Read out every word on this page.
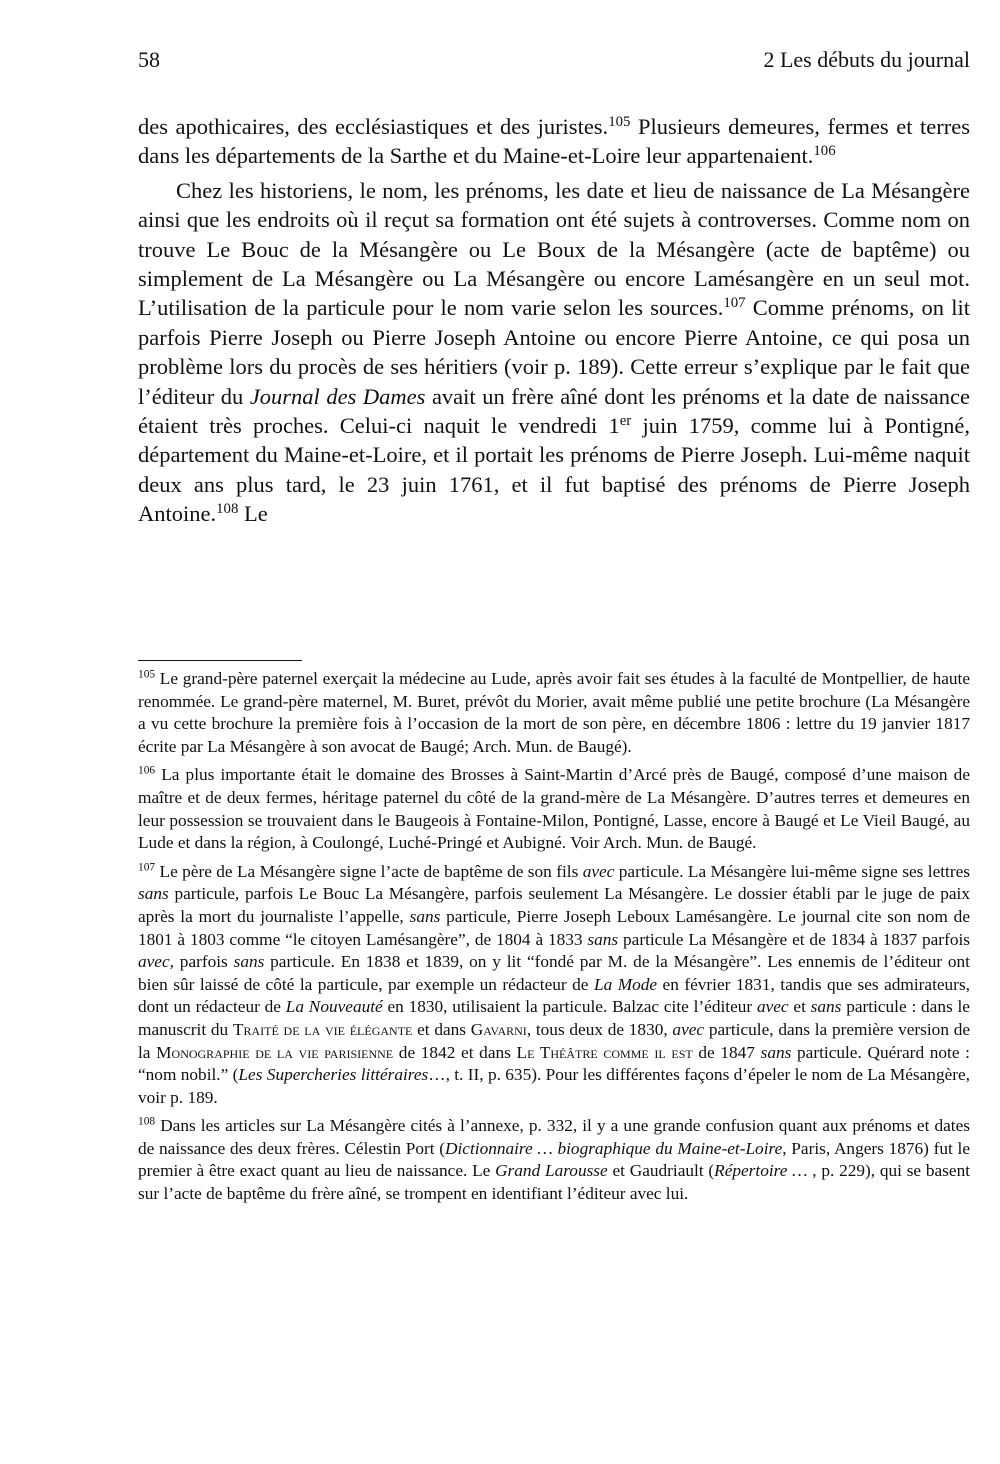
58	2 Les débuts du journal

des apothicaires, des ecclésiastiques et des juristes.$^{105}$ Plusieurs demeures, fermes et terres dans les départements de la Sarthe et du Maine-et-Loire leur appartenaient.$^{106}$

Chez les historiens, le nom, les prénoms, les date et lieu de naissance de La Mésangère ainsi que les endroits où il reçut sa formation ont été sujets à controverses. Comme nom on trouve Le Bouc de la Mésangère ou Le Boux de la Mésangère (acte de baptême) ou simplement de La Mésangère ou La Mésangère ou encore Lamésangère en un seul mot. L’utilisation de la particule pour le nom varie selon les sources.$^{107}$ Comme prénoms, on lit parfois Pierre Joseph ou Pierre Joseph Antoine ou encore Pierre Antoine, ce qui posa un problème lors du procès de ses héritiers (voir p. 189). Cette erreur s’explique par le fait que l’éditeur du Journal des Dames avait un frère aîné dont les prénoms et la date de naissance étaient très proches. Celui-ci naquit le vendredi 1er juin 1759, comme lui à Pontigné, département du Maine-et-Loire, et il portait les prénoms de Pierre Joseph. Lui-même naquit deux ans plus tard, le 23 juin 1761, et il fut baptisé des prénoms de Pierre Joseph Antoine.$^{108}$ Le

$^{105}$ Le grand-père paternel exerçait la médecine au Lude, après avoir fait ses études à la faculté de Montpellier, de haute renommée. Le grand-père maternel, M. Buret, prévôt du Morier, avait même publié une petite brochure (La Mésangère a vu cette brochure la première fois à l’occasion de la mort de son père, en décembre 1806 : lettre du 19 janvier 1817 écrite par La Mésangère à son avocat de Baugé; Arch. Mun. de Baugé).

$^{106}$ La plus importante était le domaine des Brosses à Saint-Martin d’Arcé près de Baugé, composé d’une maison de maître et de deux fermes, héritage paternel du côté de la grand-mère de La Mésangère. D’autres terres et demeures en leur possession se trouvaient dans le Baugeois à Fontaine-Milon, Pontigné, Lasse, encore à Baugé et Le Vieil Baugé, au Lude et dans la région, à Coulongé, Luché-Pringé et Aubigné. Voir Arch. Mun. de Baugé.

$^{107}$ Le père de La Mésangère signe l’acte de baptême de son fils avec particule. La Mésangère lui-même signe ses lettres sans particule, parfois Le Bouc La Mésangère, parfois seulement La Mésangère. Le dossier établi par le juge de paix après la mort du journaliste l’appelle, sans particule, Pierre Joseph Leboux Lamésangère. Le journal cite son nom de 1801 à 1803 comme “le citoyen Lamésangère”, de 1804 à 1833 sans particule La Mésangère et de 1834 à 1837 parfois avec, parfois sans particule. En 1838 et 1839, on y lit “fondé par M. de la Mésangère”. Les ennemis de l’éditeur ont bien sûr laissé de côté la particule, par exemple un rédacteur de La Mode en février 1831, tandis que ses admirateurs, dont un rédacteur de La Nouveauté en 1830, utilisaient la particule. Balzac cite l’éditeur avec et sans particule : dans le manuscrit du Traité de la vie élégante et dans Gavarni, tous deux de 1830, avec particule, dans la première version de la Monographie de la vie parisienne de 1842 et dans Le Théâtre comme il est de 1847 sans particule. Quérard note : “nom nobil.” (Les Supercheries littéraires…, t. II, p. 635). Pour les différentes façons d’épeler le nom de La Mésangère, voir p. 189.

$^{108}$ Dans les articles sur La Mésangère cités à l’annexe, p. 332, il y a une grande confusion quant aux prénoms et dates de naissance des deux frères. Célestin Port (Dictionnaire … biographique du Maine-et-Loire, Paris, Angers 1876) fut le premier à être exact quant au lieu de naissance. Le Grand Larousse et Gaudriault (Répertoire … , p. 229), qui se basent sur l’acte de baptême du frère aîné, se trompent en identifiant l’éditeur avec lui.
